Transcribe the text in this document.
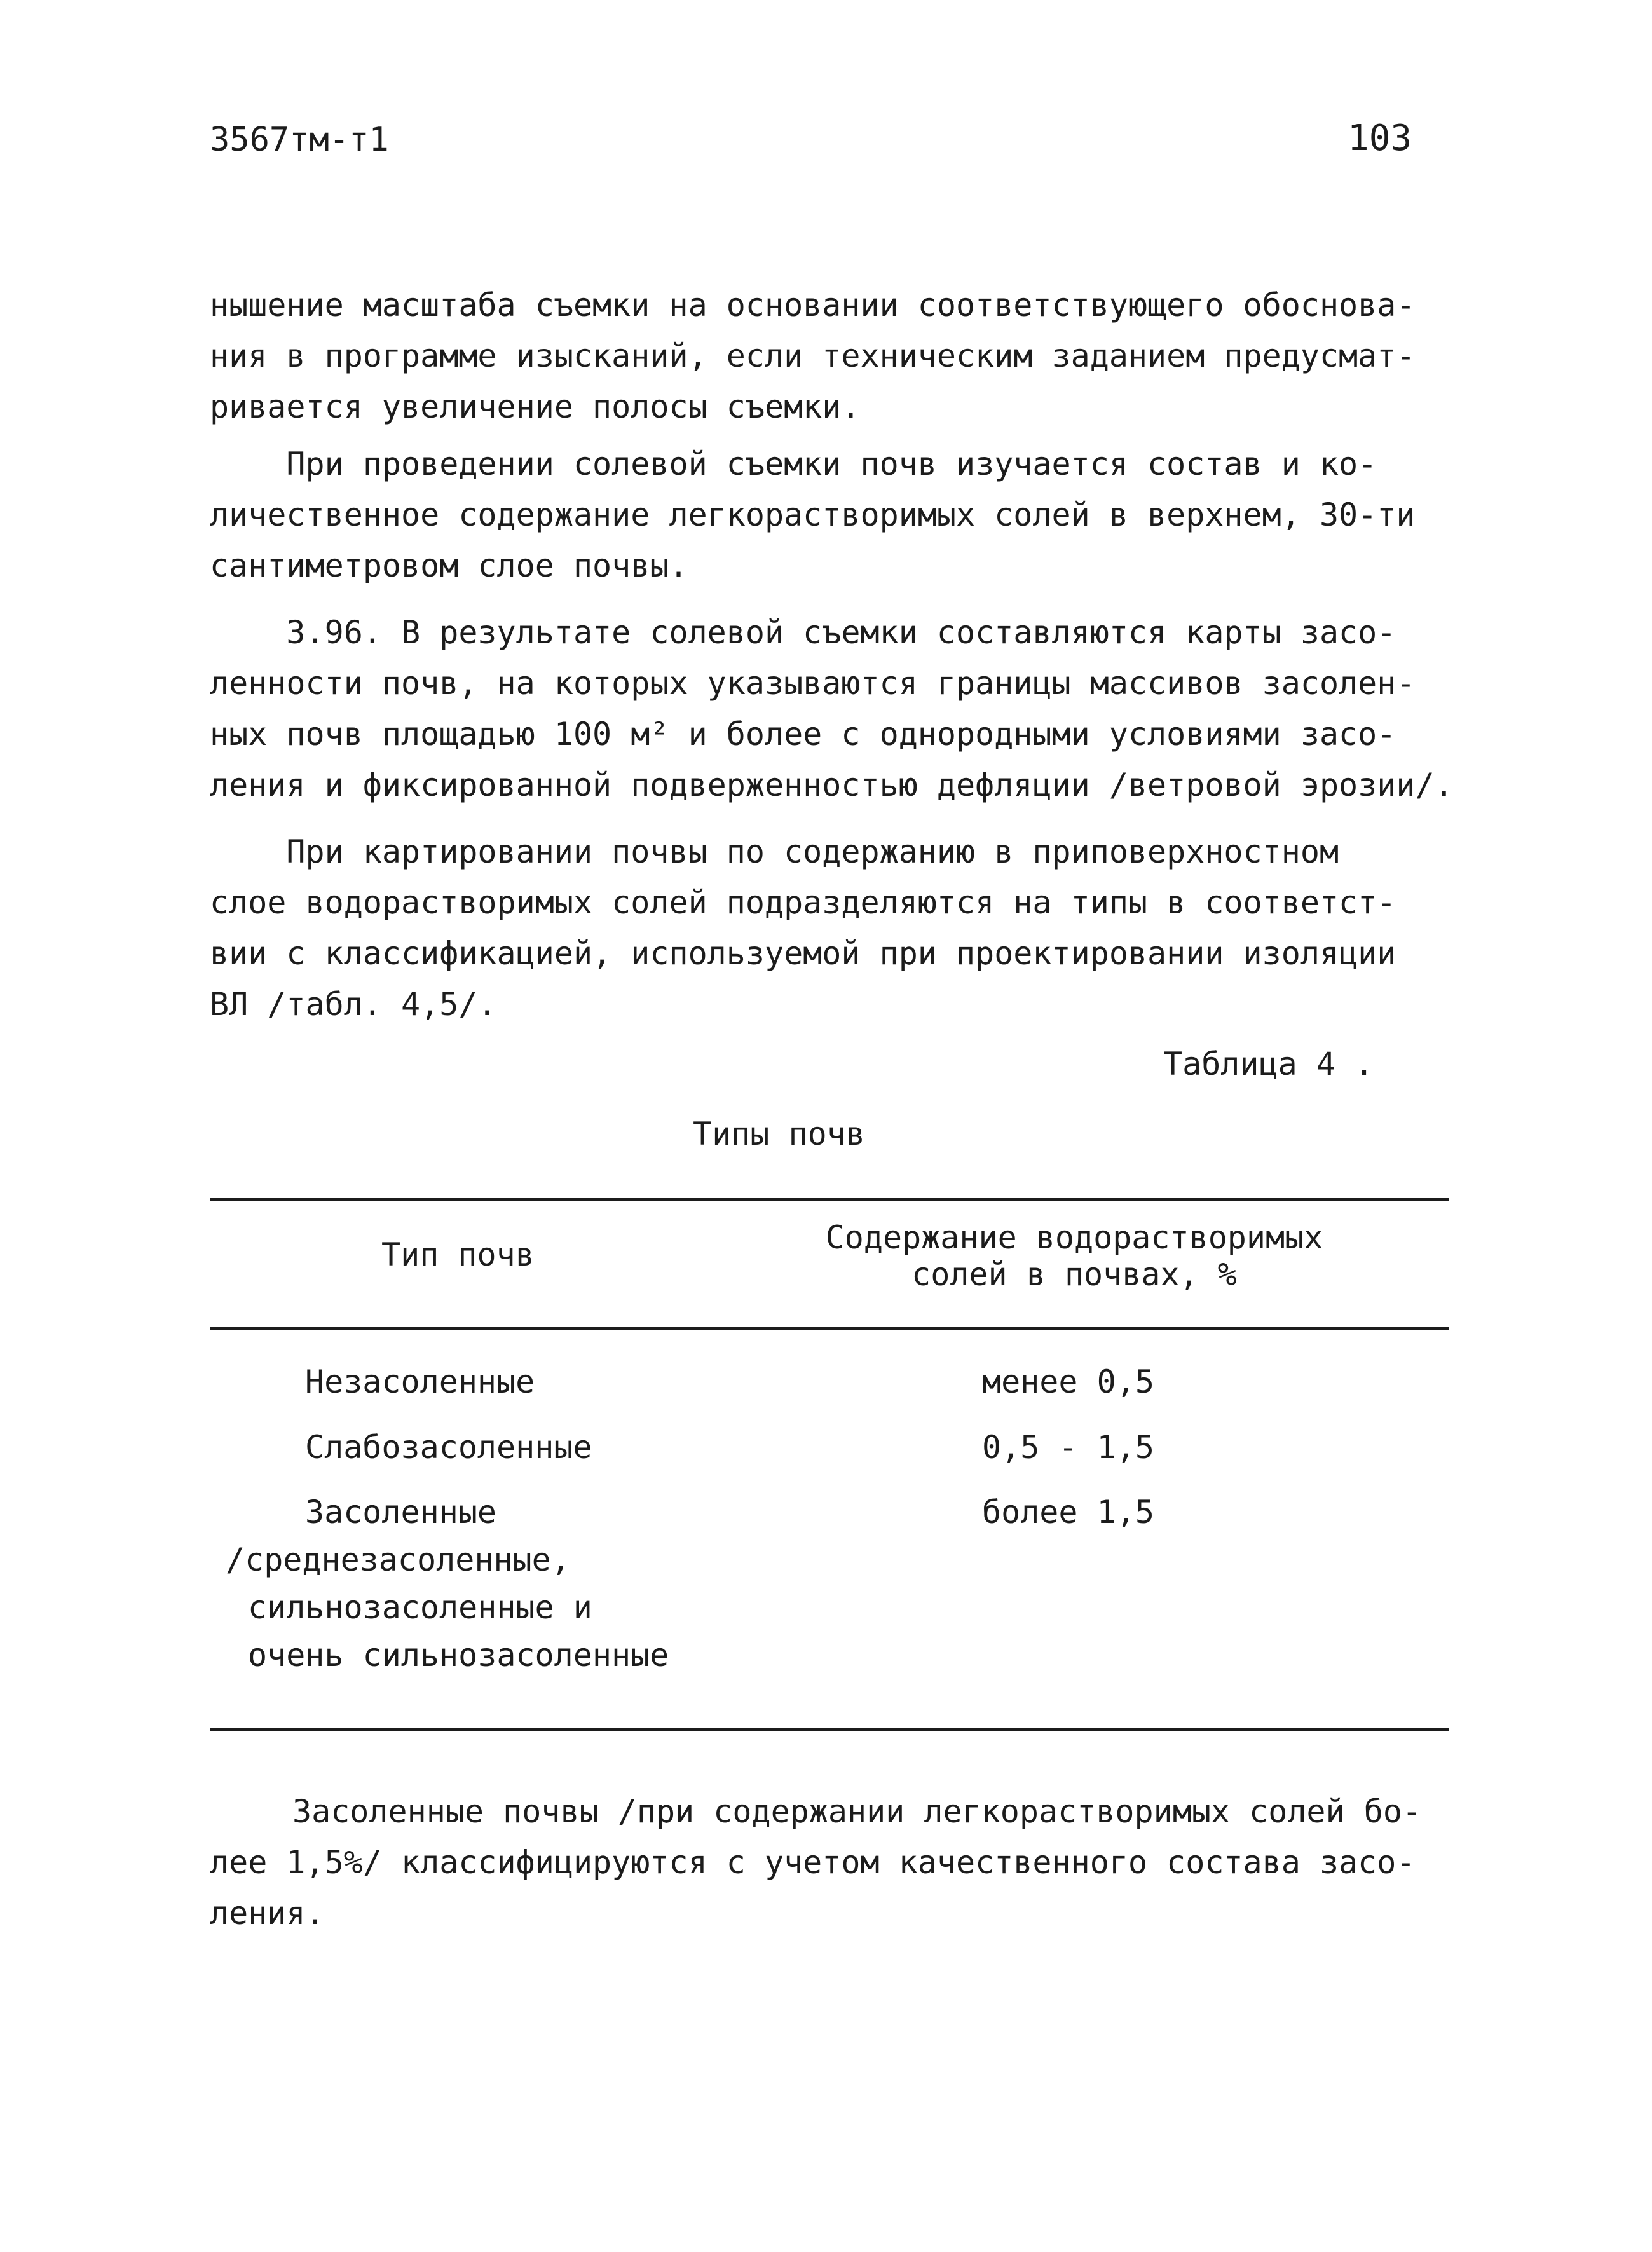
3567тм-т1	103
нышение масштаба съемки на основании соответствующего обоснова-
ния в программе изысканий, если техническим заданием предусмат-
ривается увеличение полосы съемки.
При проведении солевой съемки почв изучается состав и ко-
личественное содержание легкорастворимых солей в верхнем, 30-ти
сантиметровом слое почвы.
3.96. В результате солевой съемки составляются карты засо-
ленности почв, на которых указываются границы массивов засолен-
ных почв площадью 100 м² и более с однородными условиями засо-
ления и фиксированной подверженностью дефляции /ветровой эрозии/.
При картировании почвы по содержанию в приповерхностном
слое водорастворимых солей подразделяются на типы в соответст-
вии с классификацией, используемой при проектировании изоляции
ВЛ /табл. 4,5/.
Таблица 4 .
Типы почв
Тип почв	Содержание водорастворимых
солей в почвах, %
Незасоленные	менее 0,5
Слабозасоленные	0,5 - 1,5
Засоленные	более 1,5
/среднезасоленные,
сильнозасоленные и
очень сильнозасоленные
Засоленные почвы /при содержании легкорастворимых солей бо-
лее 1,5%/ классифицируются с учетом качественного состава засо-
ления.
